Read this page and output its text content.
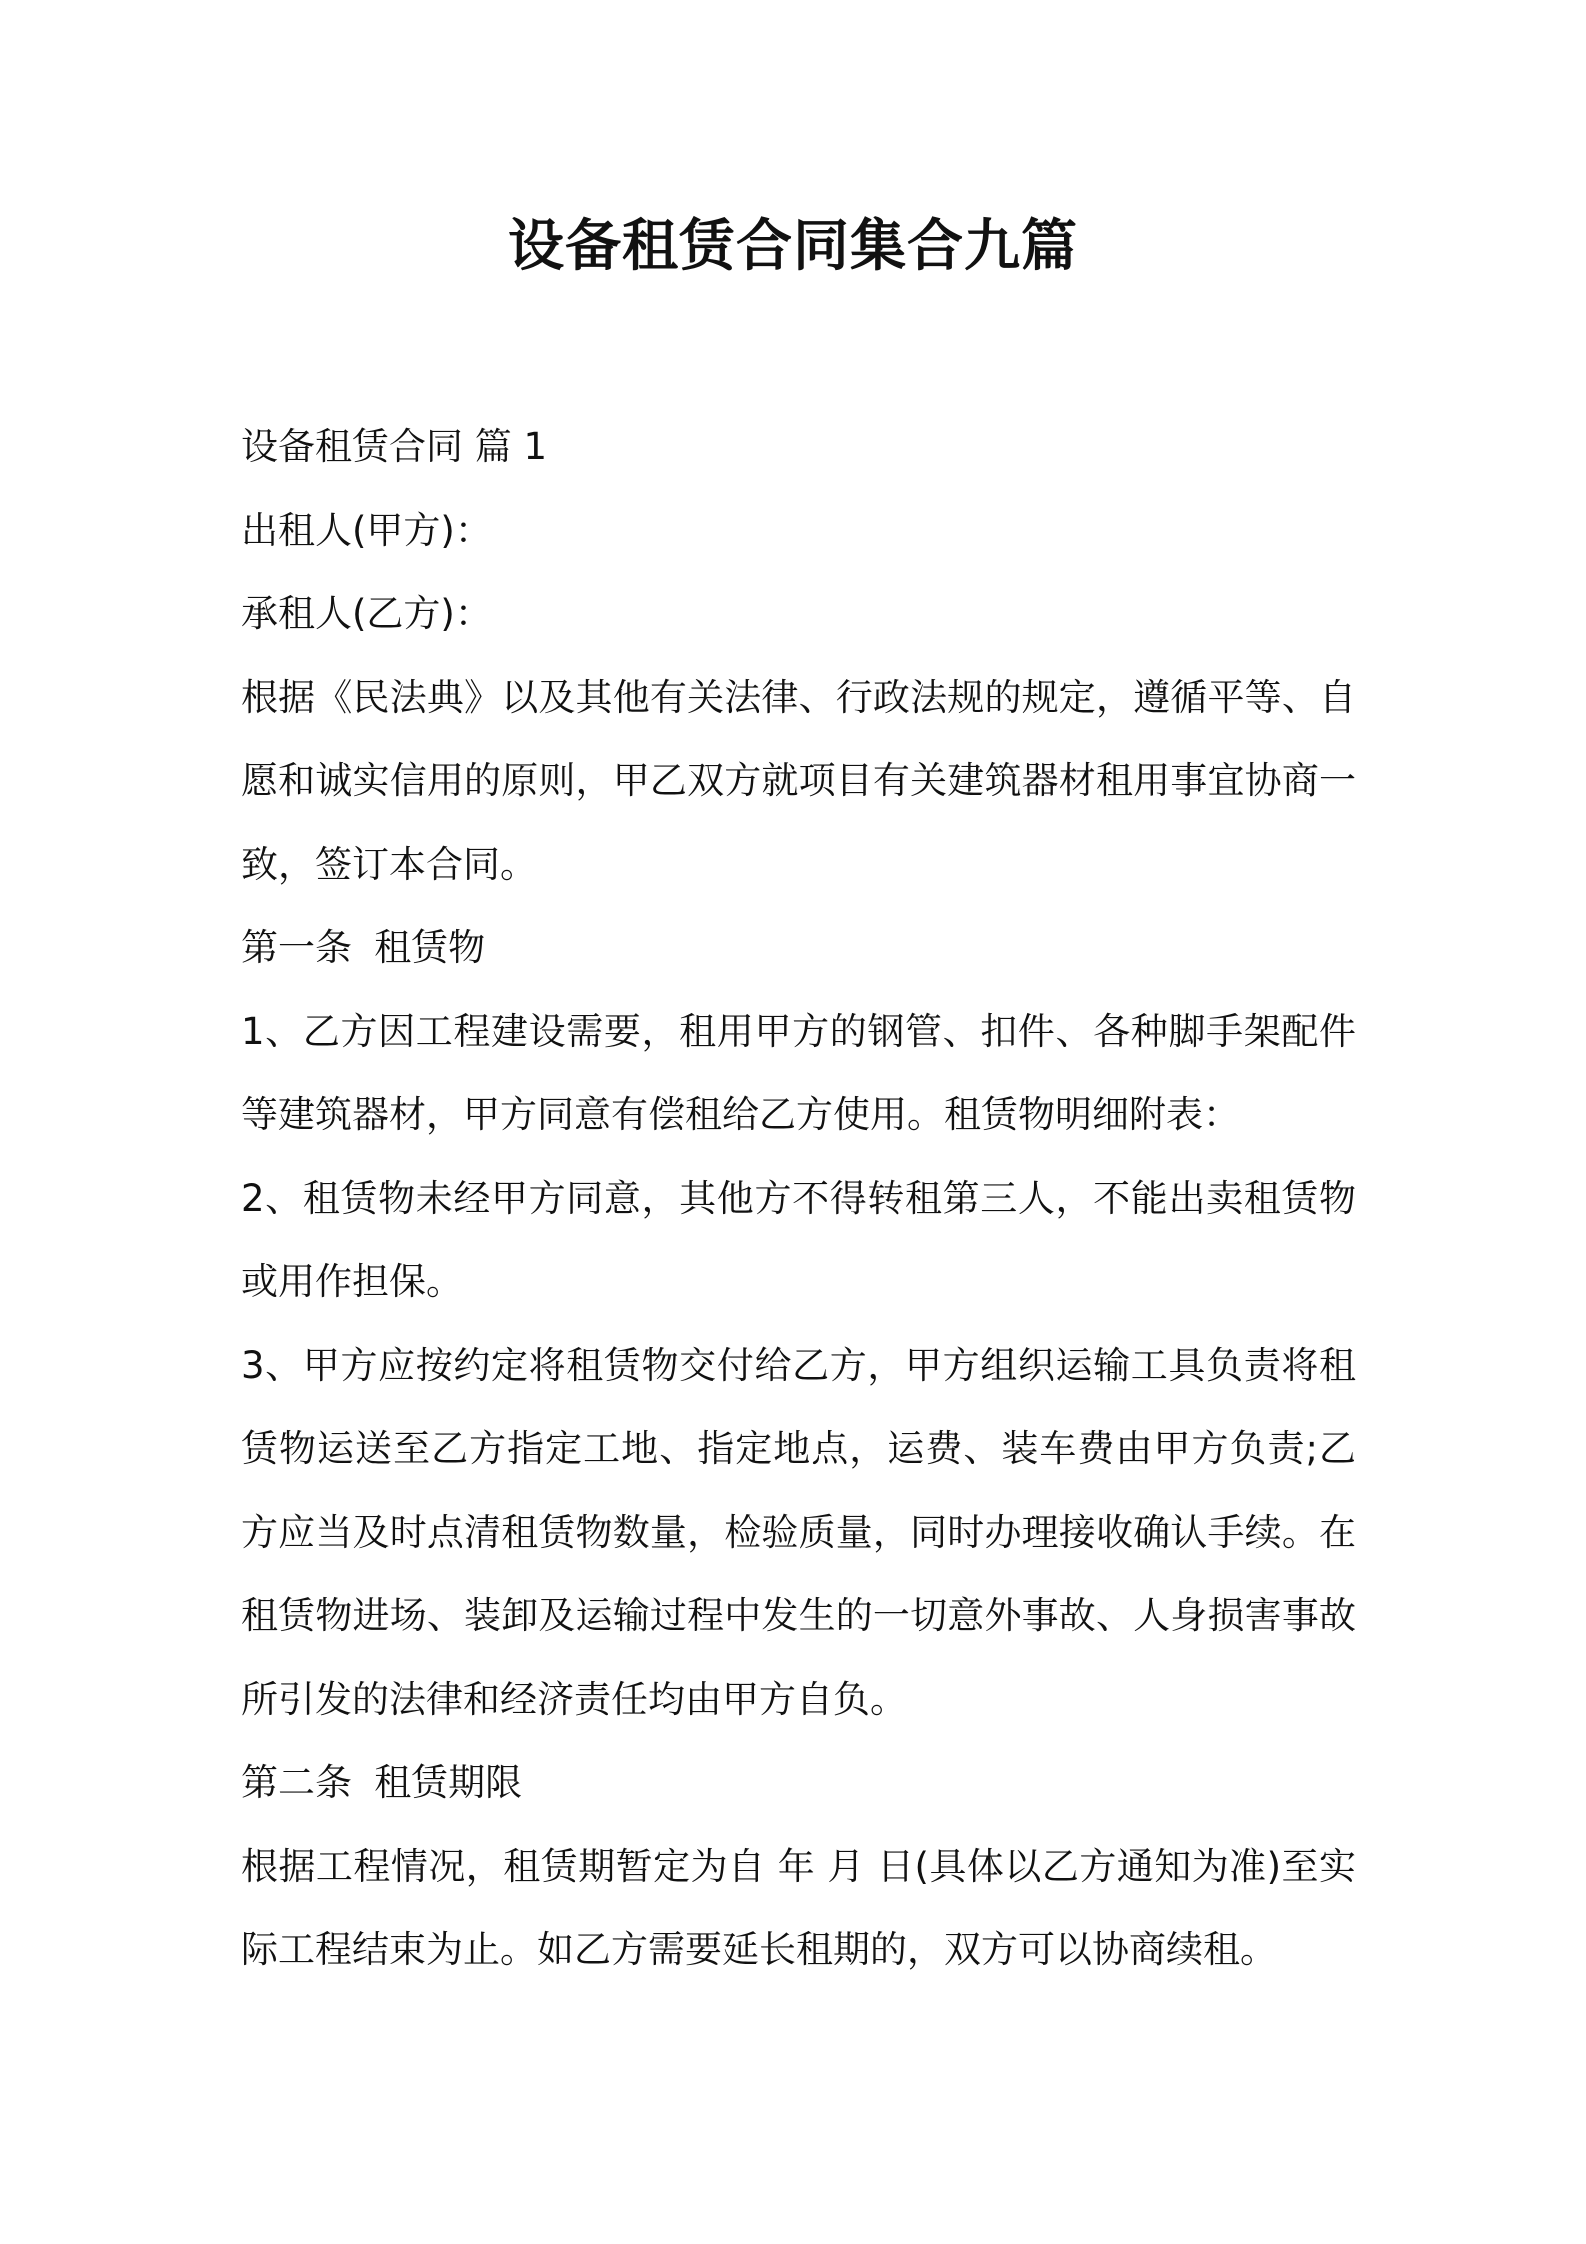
设备租赁合同集合九篇

设备租赁合同 篇 1

出租人(甲方)：

承租人(乙方)：

根据《民法典》以及其他有关法律、行政法规的规定，遵循平等、自愿和诚实信用的原则，甲乙双方就项目有关建筑器材租用事宜协商一致，签订本合同。

第一条 租赁物

1、乙方因工程建设需要，租用甲方的钢管、扣件、各种脚手架配件等建筑器材，甲方同意有偿租给乙方使用。租赁物明细附表：

2、租赁物未经甲方同意，其他方不得转租第三人，不能出卖租赁物或用作担保。

3、甲方应按约定将租赁物交付给乙方，甲方组织运输工具负责将租赁物运送至乙方指定工地、指定地点，运费、装车费由甲方负责;乙方应当及时点清租赁物数量，检验质量，同时办理接收确认手续。在租赁物进场、装卸及运输过程中发生的一切意外事故、人身损害事故所引发的法律和经济责任均由甲方自负。

第二条 租赁期限

根据工程情况，租赁期暂定为自 年 月 日(具体以乙方通知为准)至实际工程结束为止。如乙方需要延长租期的，双方可以协商续租。
